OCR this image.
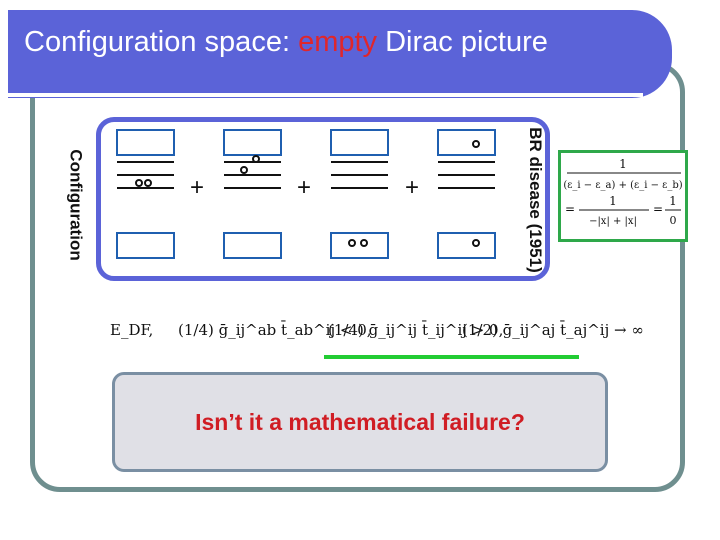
Configuration space: empty Dirac picture
Configuration	+	+	+	BR disease (1951)	1
(ε_i − ε_a) + (ε_i − ε_b)
=
1
−|x| + |x|
=
1
0
E_DF, (1/4) ḡ_ij^ab t̄_ab^ij < 0,
(1/4) ḡ_ij^ij t̄_ij^ij > 0,
(1/2) ḡ_ij^aj t̄_aj^ij → ∞
Isn’t it a mathematical failure?
